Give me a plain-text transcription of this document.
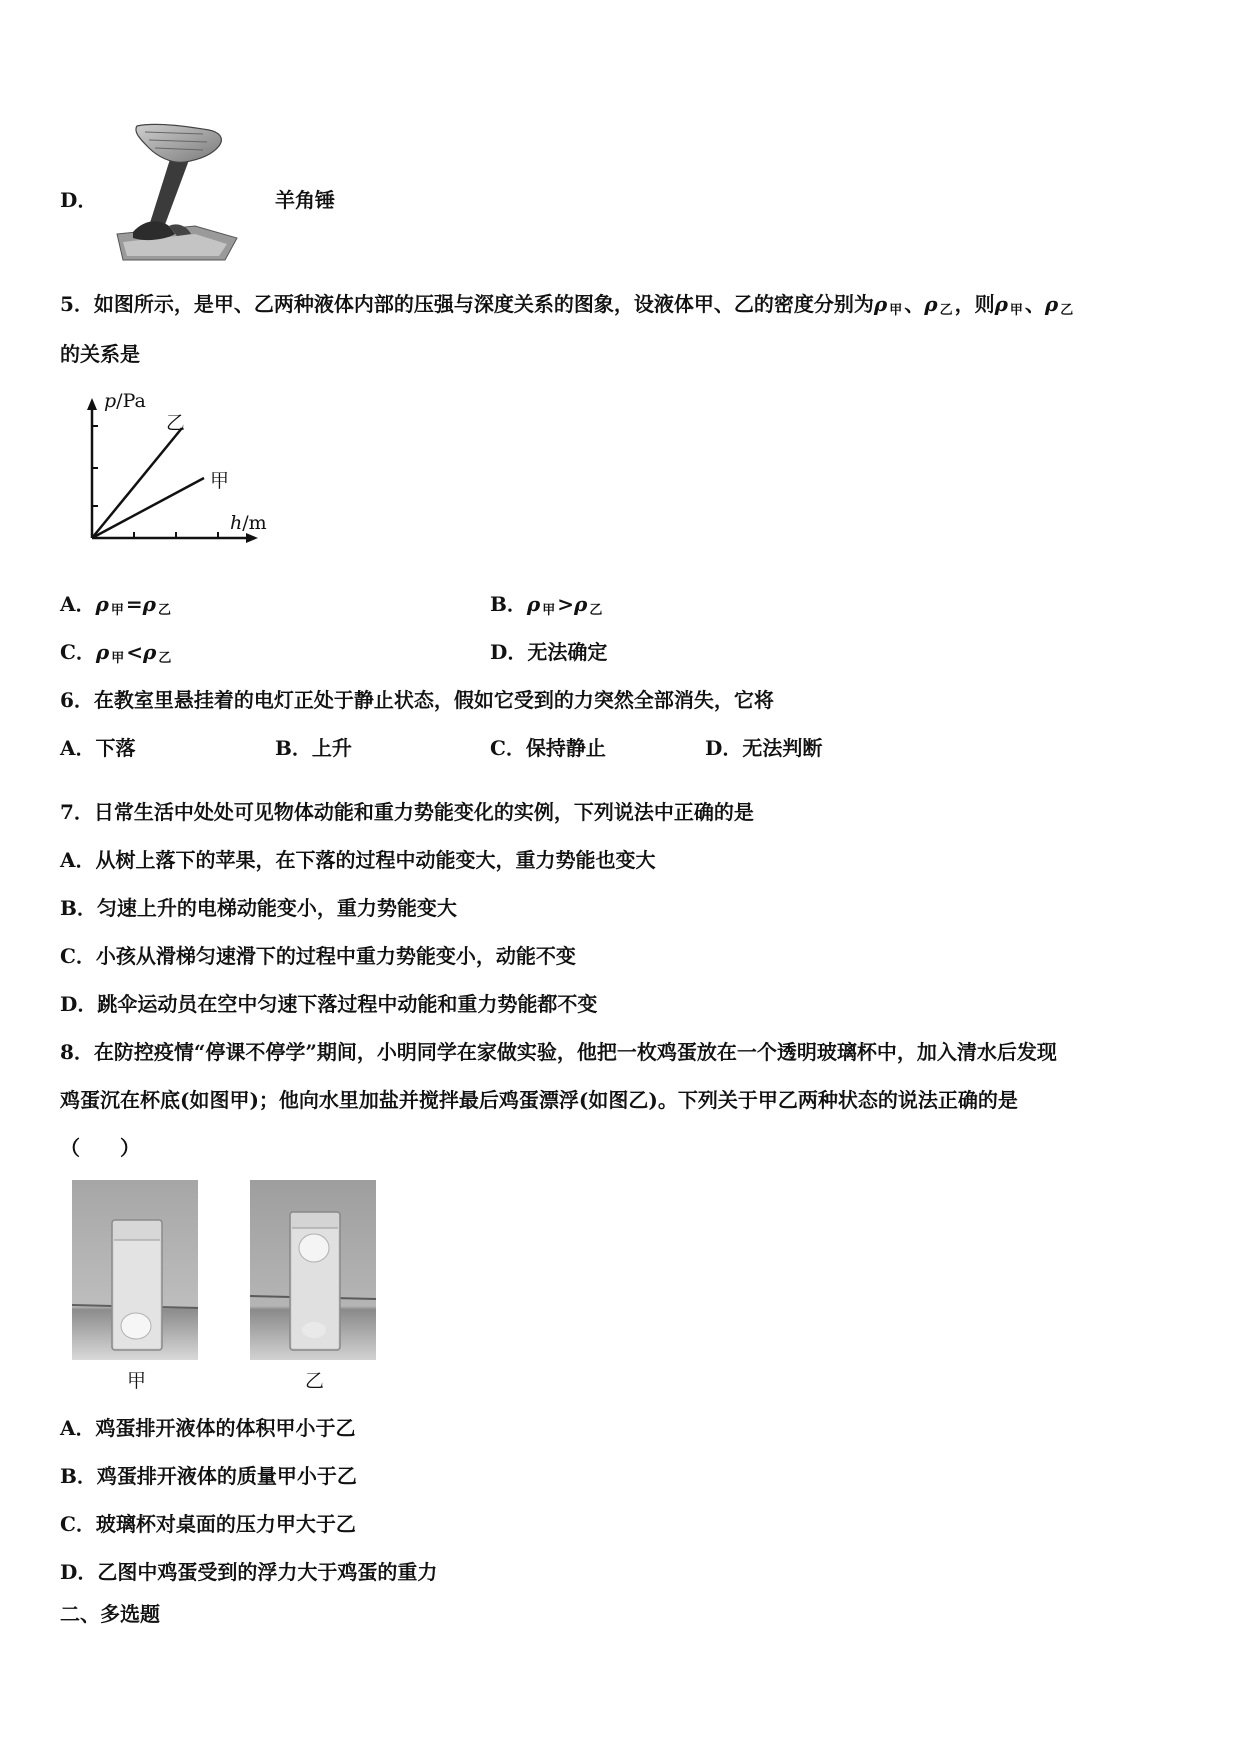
D．	羊角锤
5．如图所示，是甲、乙两种液体内部的压强与深度关系的图象，设液体甲、乙的密度分别为ρ $_甲$ 、ρ $_乙$ ，则ρ $_甲$ 、ρ $_乙$
的关系是
p/Pa
乙
甲
h/m
A．ρ $_甲$ =ρ $_乙$	B．ρ $_甲$ >ρ $_乙$
C．ρ $_甲$ <ρ $_乙$	D．无法确定
6．在教室里悬挂着的电灯正处于静止状态，假如它受到的力突然全部消失，它将
A．下落	B．上升	C．保持静止	D．无法判断
7．日常生活中处处可见物体动能和重力势能变化的实例，下列说法中正确的是
A．从树上落下的苹果，在下落的过程中动能变大，重力势能也变大
B．匀速上升的电梯动能变小，重力势能变大
C．小孩从滑梯匀速滑下的过程中重力势能变小，动能不变
D．跳伞运动员在空中匀速下落过程中动能和重力势能都不变
8．在防控疫情“停课不停学”期间，小明同学在家做实验，他把一枚鸡蛋放在一个透明玻璃杯中，加入清水后发现
鸡蛋沉在杯底(如图甲)；他向水里加盐并搅拌最后鸡蛋漂浮(如图乙)。下列关于甲乙两种状态的说法正确的是
（　　）
甲	乙
A．鸡蛋排开液体的体积甲小于乙
B．鸡蛋排开液体的质量甲小于乙
C．玻璃杯对桌面的压力甲大于乙
D．乙图中鸡蛋受到的浮力大于鸡蛋的重力
二、多选题
